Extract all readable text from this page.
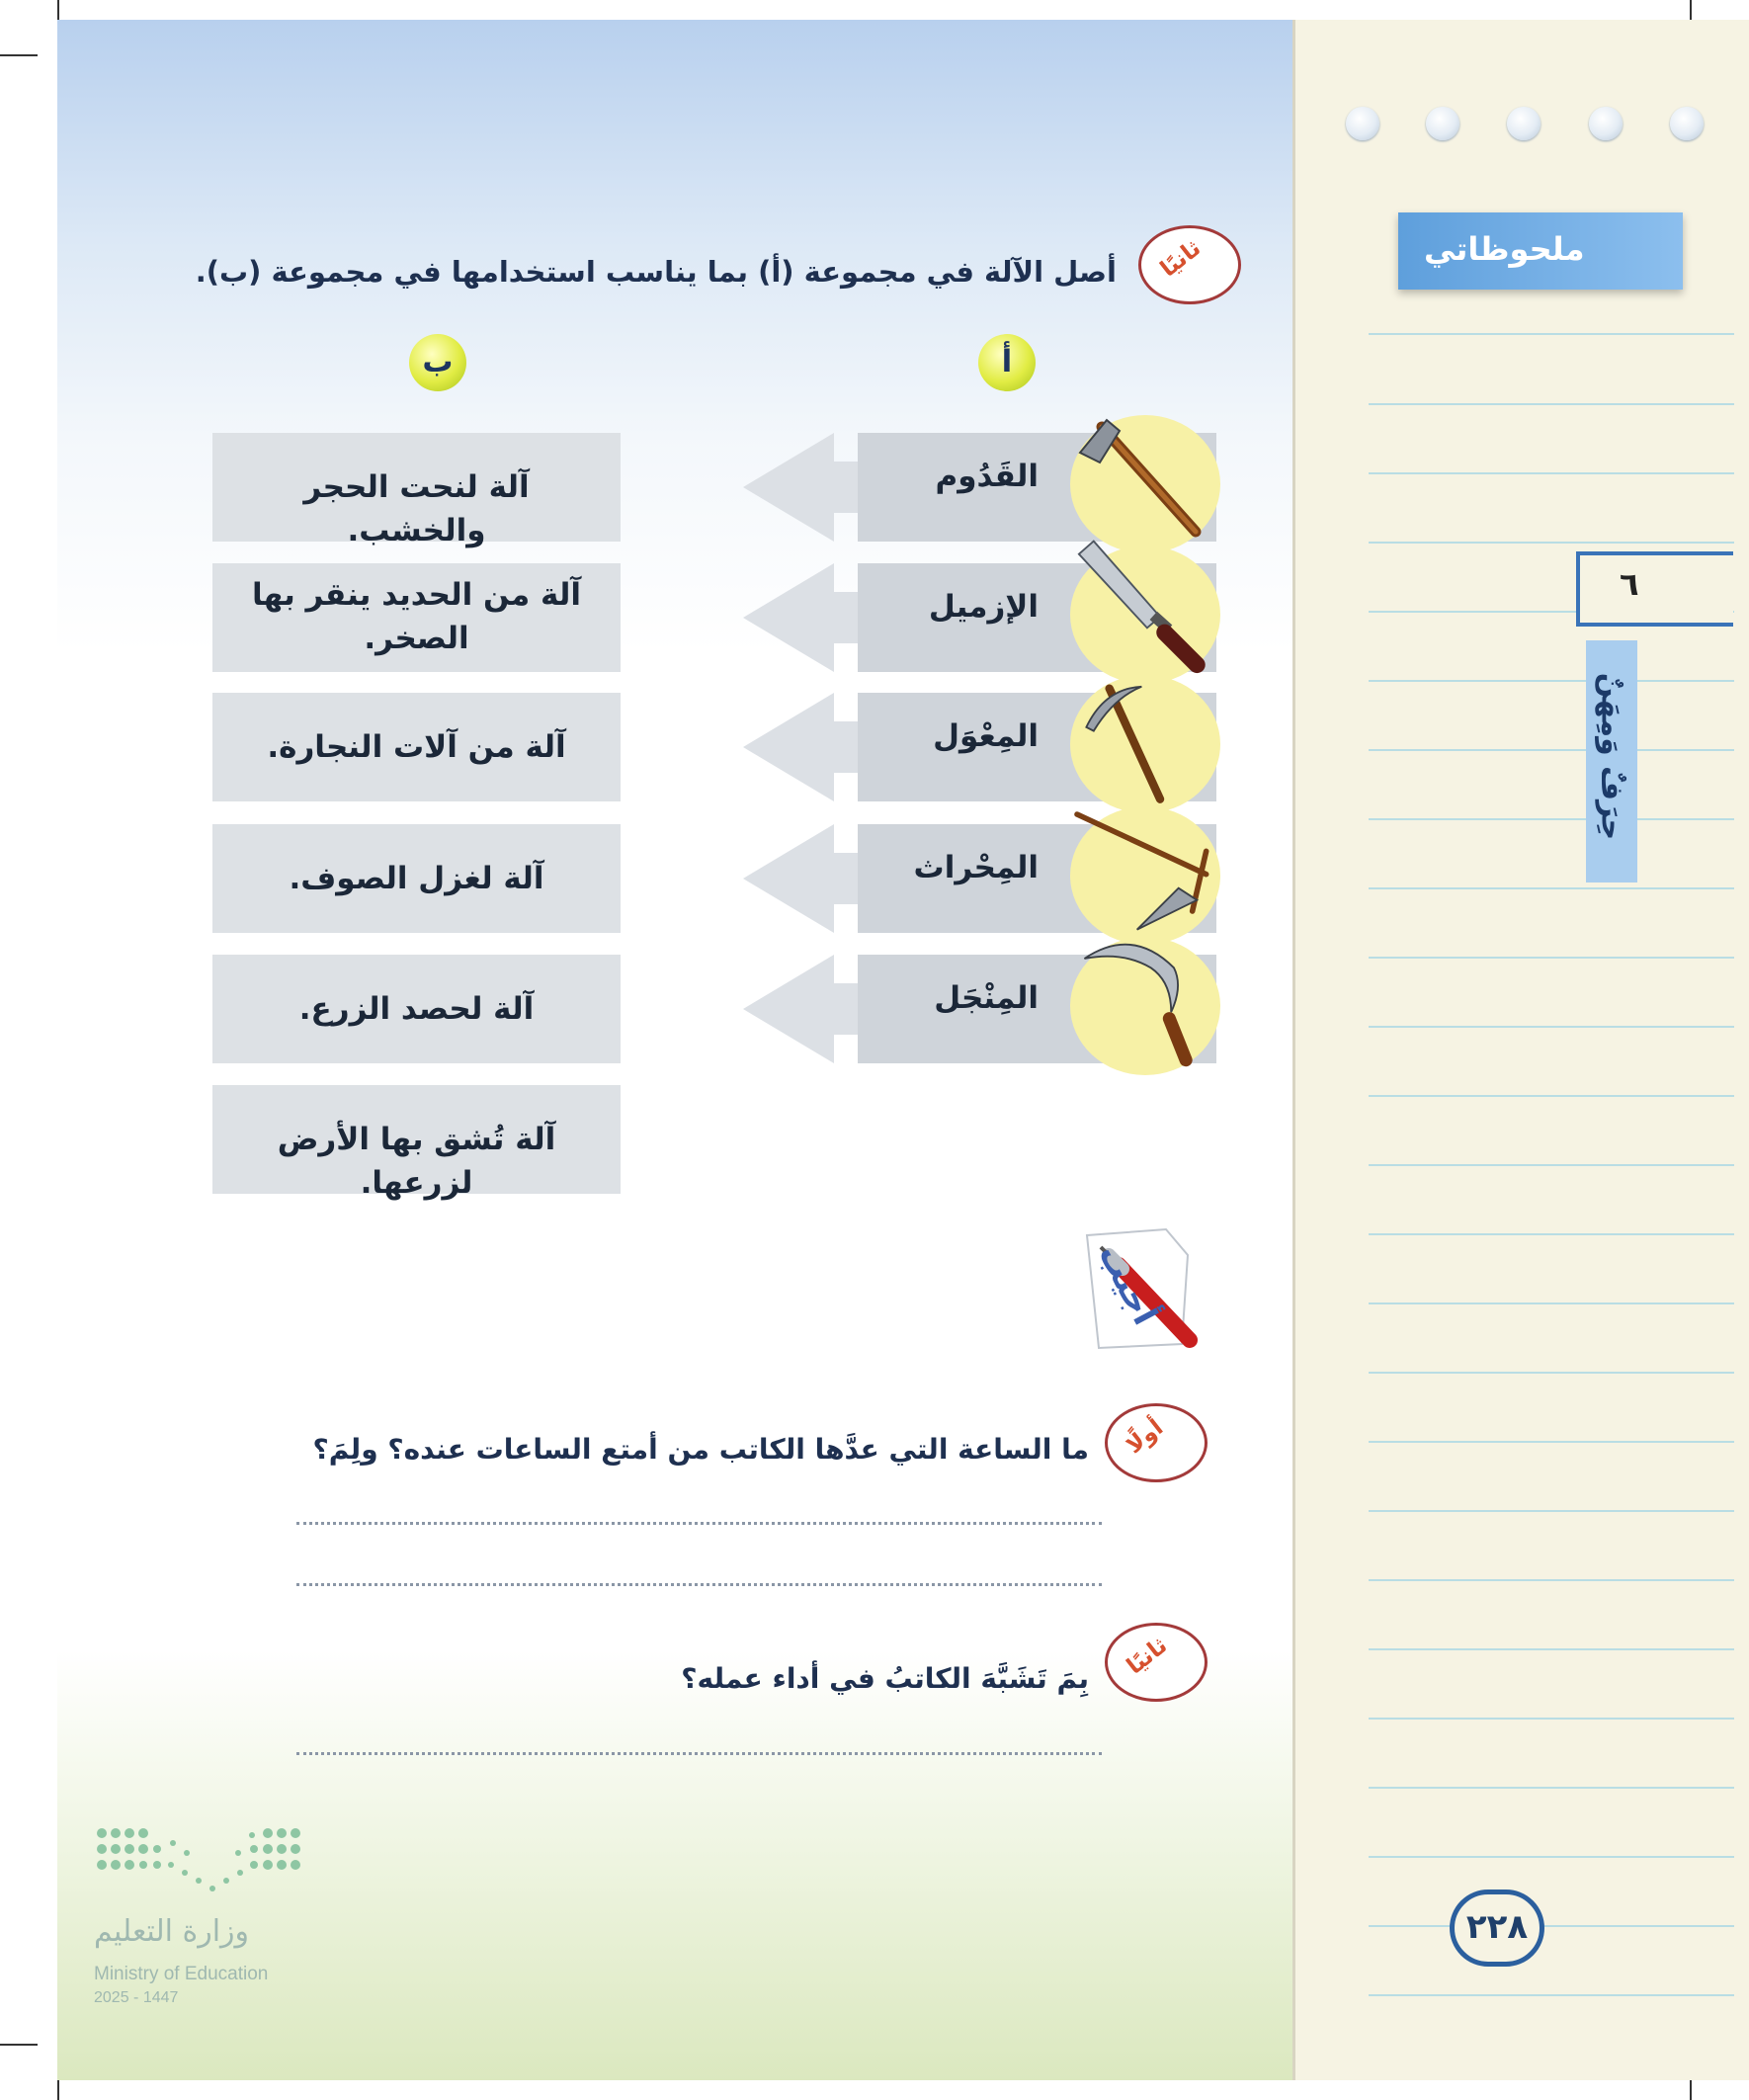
ملحوظاتي
٦
حِرَفٌ وَمِهَنٌ
٢٢٨
ثانيًا
أصل الآلة في مجموعة (أ) بما يناسب استخدامها في مجموعة (ب).
ب	أ
القَدُوم
الإزميل
المِعْوَل
المِحْراث
المِنْجَل
آلة لنحت الحجر والخشب.
آلة من الحديد ينقر بها الصخر.
آلة من آلات النجارة.
آلة لغزل الصوف.
آلة لحصد الزرع.
آلة تُشق بها الأرض لزرعها.
أجيب
أولًا
ما الساعة التي عدَّها الكاتب من أمتع الساعات عنده؟ ولِمَ؟
ثانيًا
بِمَ تَشَبَّهَ الكاتبُ في أداء عمله؟
وزارة التعليم
Ministry of Education
2025 - 1447
